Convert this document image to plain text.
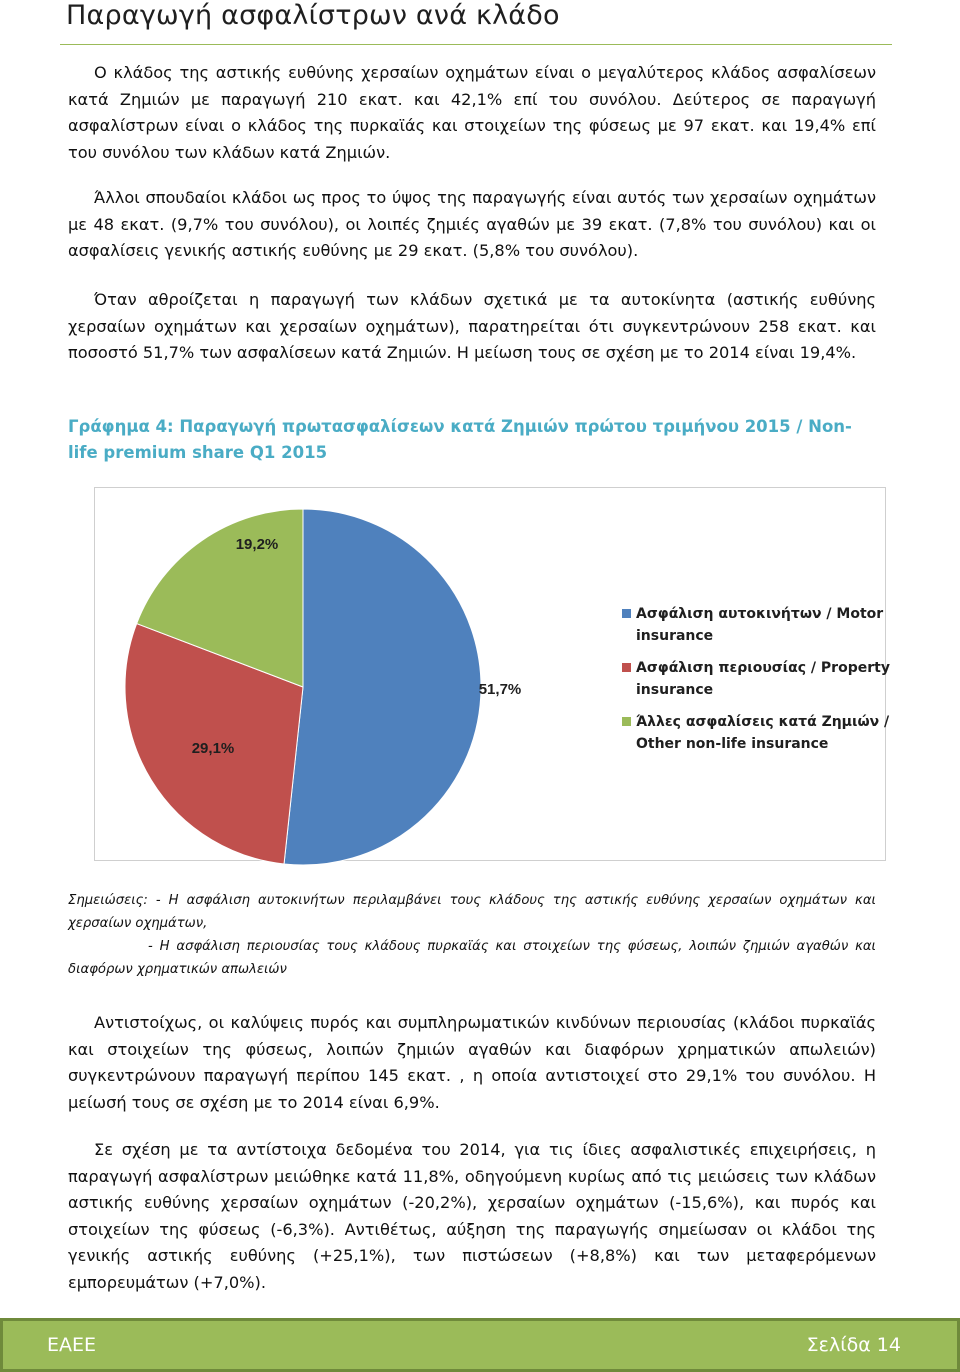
Παραγωγή ασφαλίστρων ανά κλάδο

Ο κλάδος της αστικής ευθύνης χερσαίων οχημάτων είναι ο μεγαλύτερος κλάδος ασφαλίσεων κατά Ζημιών με παραγωγή 210 εκατ. και 42,1% επί του συνόλου. Δεύτερος σε παραγωγή ασφαλίστρων είναι ο κλάδος της πυρκαϊάς και στοιχείων της φύσεως με 97 εκατ. και 19,4% επί του συνόλου των κλάδων κατά Ζημιών.

Άλλοι σπουδαίοι κλάδοι ως προς το ύψος της παραγωγής είναι αυτός των χερσαίων οχημάτων με 48 εκατ. (9,7% του συνόλου), οι λοιπές ζημιές αγαθών με 39 εκατ. (7,8% του συνόλου) και οι ασφαλίσεις γενικής αστικής ευθύνης με 29 εκατ. (5,8% του συνόλου).

Όταν αθροίζεται η παραγωγή των κλάδων σχετικά με τα αυτοκίνητα (αστικής ευθύνης χερσαίων οχημάτων και χερσαίων οχημάτων), παρατηρείται ότι συγκεντρώνουν 258 εκατ. και ποσοστό 51,7% των ασφαλίσεων κατά Ζημιών. Η μείωση τους σε σχέση με το 2014 είναι 19,4%.

Γράφημα 4: Παραγωγή πρωτασφαλίσεων κατά Ζημιών πρώτου τριμήνου 2015 / Non-life premium share Q1 2015
51,7%
29,1%
19,2%
Ασφάλιση αυτοκινήτων / Motor insurance
Ασφάλιση περιουσίας / Property insurance
Άλλες ασφαλίσεις κατά Ζημιών / Other non-life insurance
Σημειώσεις: - Η ασφάλιση αυτοκινήτων περιλαμβάνει τους κλάδους της αστικής ευθύνης χερσαίων οχημάτων και χερσαίων οχημάτων,
- Η ασφάλιση περιουσίας τους κλάδους πυρκαϊάς και στοιχείων της φύσεως, λοιπών ζημιών αγαθών και διαφόρων χρηματικών απωλειών

Αντιστοίχως, οι καλύψεις πυρός και συμπληρωματικών κινδύνων περιουσίας (κλάδοι πυρκαϊάς και στοιχείων της φύσεως, λοιπών ζημιών αγαθών και διαφόρων χρηματικών απωλειών) συγκεντρώνουν παραγωγή περίπου 145 εκατ. , η οποία αντιστοιχεί στο 29,1% του συνόλου. Η μείωσή τους σε σχέση με το 2014 είναι 6,9%.

Σε σχέση με τα αντίστοιχα δεδομένα του 2014, για τις ίδιες ασφαλιστικές επιχειρήσεις, η παραγωγή ασφαλίστρων μειώθηκε κατά 11,8%, οδηγούμενη κυρίως από τις μειώσεις των κλάδων αστικής ευθύνης χερσαίων οχημάτων (-20,2%), χερσαίων οχημάτων (-15,6%), και πυρός και στοιχείων της φύσεως (-6,3%). Αντιθέτως, αύξηση της παραγωγής σημείωσαν οι κλάδοι της γενικής αστικής ευθύνης (+25,1%), των πιστώσεων (+8,8%) και των μεταφερόμενων εμπορευμάτων (+7,0%).

ΕΑΕΕ	Σελίδα 14
